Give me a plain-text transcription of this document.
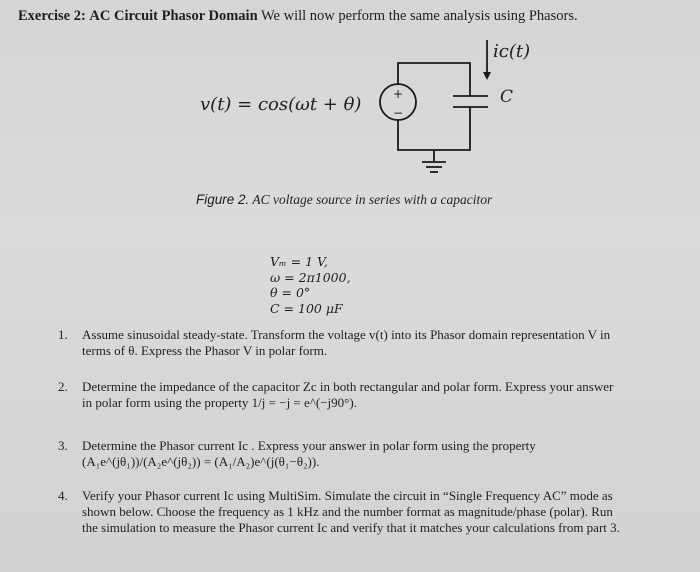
Exercise 2: AC Circuit Phasor Domain We will now perform the same analysis using Phasors.
+
−
iᴄ(t)
C
v(t) = cos(ωt + θ)
Figure 2. AC voltage source in series with a capacitor
Vₘ = 1 V,
ω = 2π1000,
θ = 0°
C = 100 μF
1. Assume sinusoidal steady-state. Transform the voltage v(t) into its Phasor domain representation V in
terms of θ. Express the Phasor V in polar form.
2. Determine the impedance of the capacitor Zc in both rectangular and polar form. Express your answer
in polar form using the property 1/j = −j = e^(−j90°).
3. Determine the Phasor current Ic . Express your answer in polar form using the property
(A₁e^(jθ₁))/(A₂e^(jθ₂)) = (A₁/A₂)e^(j(θ₁−θ₂)).
4. Verify your Phasor current Ic using MultiSim. Simulate the circuit in “Single Frequency AC” mode as
shown below. Choose the frequency as 1 kHz and the number format as magnitude/phase (polar). Run
the simulation to measure the Phasor current Ic and verify that it matches your calculations from part 3.
